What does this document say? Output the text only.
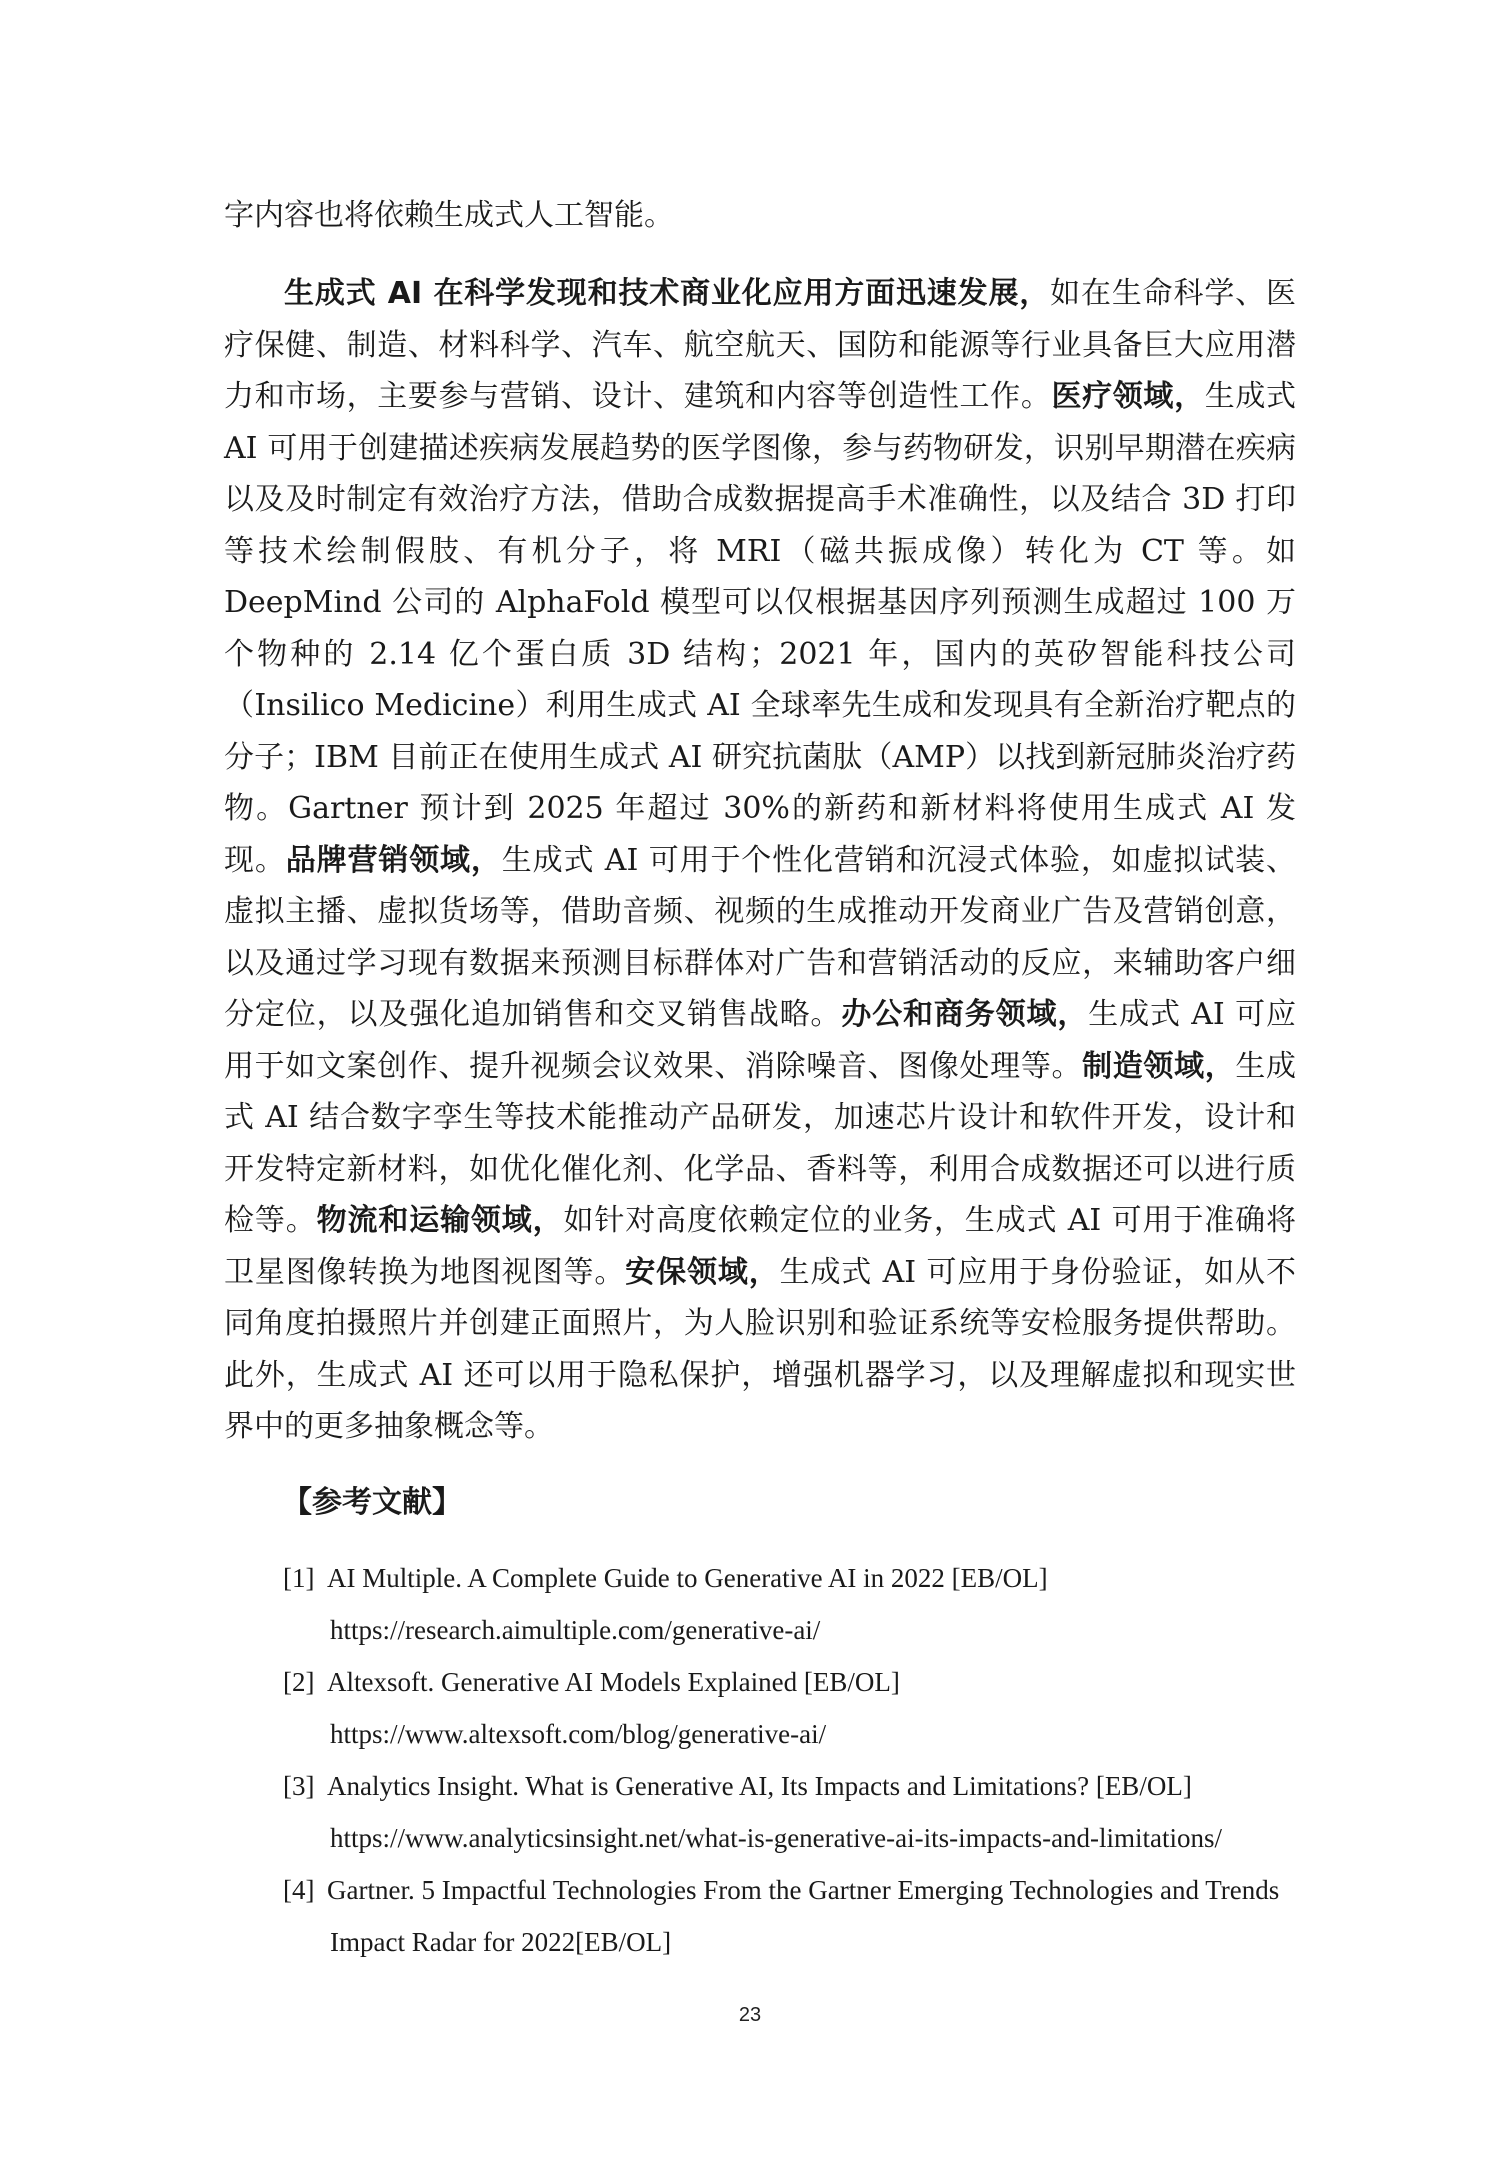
字内容也将依赖生成式人工智能。
生成式 AI 在科学发现和技术商业化应用方面迅速发展，如在生命科学、医疗保健、制造、材料科学、汽车、航空航天、国防和能源等行业具备巨大应用潜力和市场，主要参与营销、设计、建筑和内容等创造性工作。医疗领域，生成式 AI 可用于创建描述疾病发展趋势的医学图像，参与药物研发，识别早期潜在疾病以及及时制定有效治疗方法，借助合成数据提高手术准确性，以及结合 3D 打印等技术绘制假肢、有机分子，将 MRI（磁共振成像）转化为 CT 等。如 DeepMind 公司的 AlphaFold 模型可以仅根据基因序列预测生成超过 100 万个物种的 2.14 亿个蛋白质 3D 结构；2021 年，国内的英矽智能科技公司（Insilico Medicine）利用生成式 AI 全球率先生成和发现具有全新治疗靶点的分子；IBM 目前正在使用生成式 AI 研究抗菌肽（AMP）以找到新冠肺炎治疗药物。Gartner 预计到 2025 年超过 30%的新药和新材料将使用生成式 AI 发现。品牌营销领域，生成式 AI 可用于个性化营销和沉浸式体验，如虚拟试装、虚拟主播、虚拟货场等，借助音频、视频的生成推动开发商业广告及营销创意，以及通过学习现有数据来预测目标群体对广告和营销活动的反应，来辅助客户细分定位，以及强化追加销售和交叉销售战略。办公和商务领域，生成式 AI 可应用于如文案创作、提升视频会议效果、消除噪音、图像处理等。制造领域，生成式 AI 结合数字孪生等技术能推动产品研发，加速芯片设计和软件开发，设计和开发特定新材料，如优化催化剂、化学品、香料等，利用合成数据还可以进行质检等。物流和运输领域，如针对高度依赖定位的业务，生成式 AI 可用于准确将卫星图像转换为地图视图等。安保领域，生成式 AI 可应用于身份验证，如从不同角度拍摄照片并创建正面照片，为人脸识别和验证系统等安检服务提供帮助。此外，生成式 AI 还可以用于隐私保护，增强机器学习，以及理解虚拟和现实世界中的更多抽象概念等。
【参考文献】
[1] AI Multiple. A Complete Guide to Generative AI in 2022 [EB/OL]
https://research.aimultiple.com/generative-ai/
[2] Altexsoft. Generative AI Models Explained [EB/OL]
https://www.altexsoft.com/blog/generative-ai/
[3] Analytics Insight. What is Generative AI, Its Impacts and Limitations? [EB/OL]
https://www.analyticsinsight.net/what-is-generative-ai-its-impacts-and-limitations/
[4] Gartner. 5 Impactful Technologies From the Gartner Emerging Technologies and Trends
Impact Radar for 2022[EB/OL]
23
